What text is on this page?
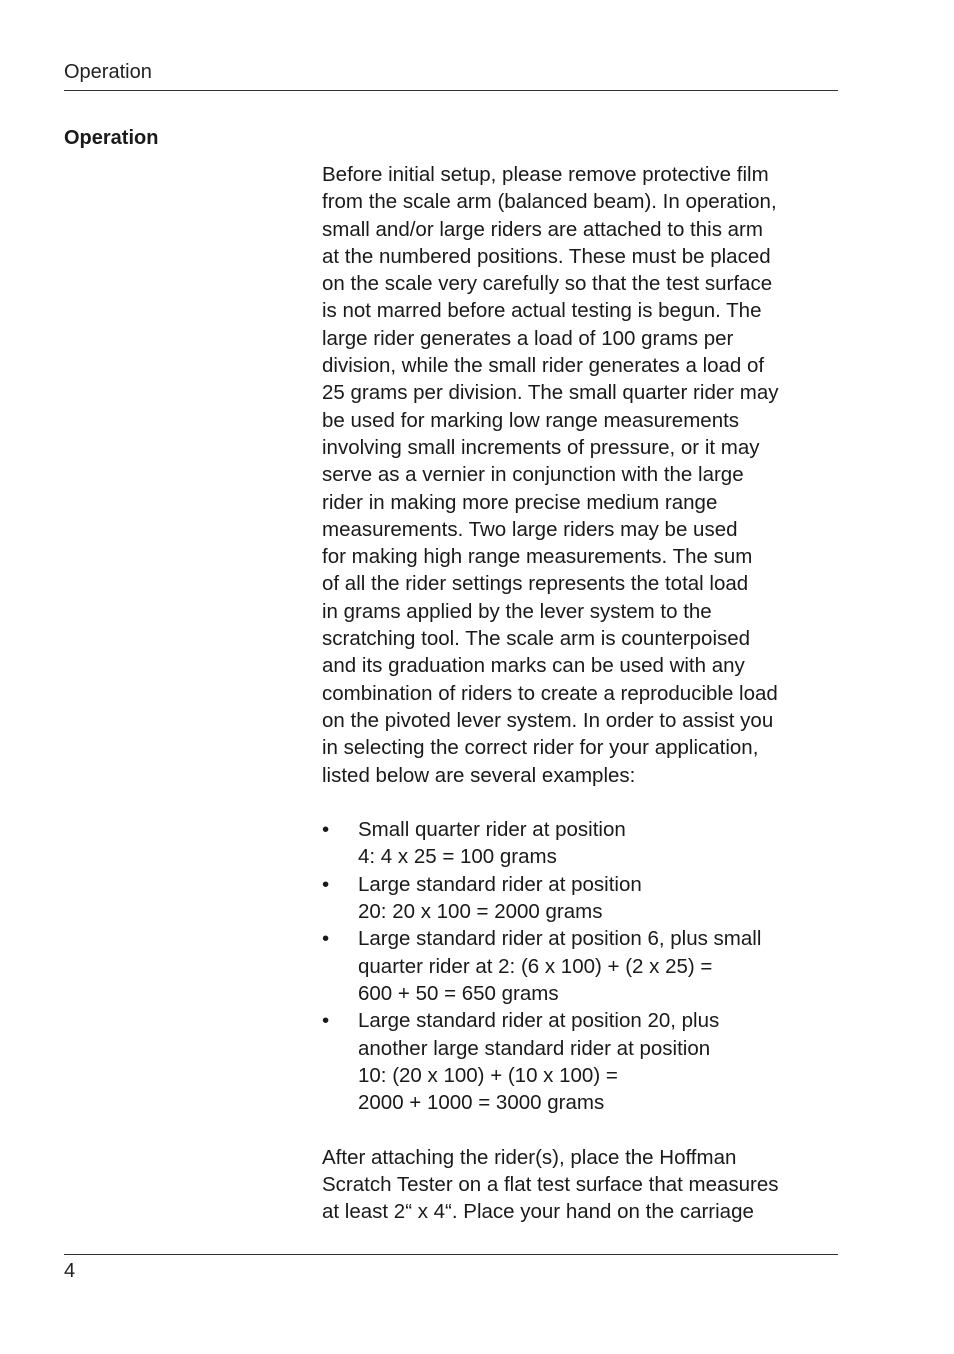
Operation
Operation

Before initial setup, please remove protective film
from the scale arm (balanced beam). In operation,
small and/or large riders are attached to this arm
at the numbered positions. These must be placed
on the scale very carefully so that the test surface
is not marred before actual testing is begun. The
large rider generates a load of 100 grams per
division, while the small rider generates a load of
25 grams per division. The small quarter rider may
be used for marking low range measurements
involving small increments of pressure, or it may
serve as a vernier in conjunction with the large
rider in making more precise medium range
measurements. Two large riders may be used
for making high range measurements. The sum
of all the rider settings represents the total load
in grams applied by the lever system to the
scratching tool. The scale arm is counterpoised
and its graduation marks can be used with any
combination of riders to create a reproducible load
on the pivoted lever system. In order to assist you
in selecting the correct rider for your application,
listed below are several examples:

• Small quarter rider at position
4: 4 x 25 = 100 grams
• Large standard rider at position
20: 20 x 100 = 2000 grams
• Large standard rider at position 6, plus small
quarter rider at 2: (6 x 100) + (2 x 25) =
600 + 50 = 650 grams
• Large standard rider at position 20, plus
another large standard rider at position
10: (20 x 100) + (10 x 100) =
2000 + 1000 = 3000 grams

After attaching the rider(s), place the Hoffman
Scratch Tester on a flat test surface that measures
at least 2“ x 4“. Place your hand on the carriage

4
